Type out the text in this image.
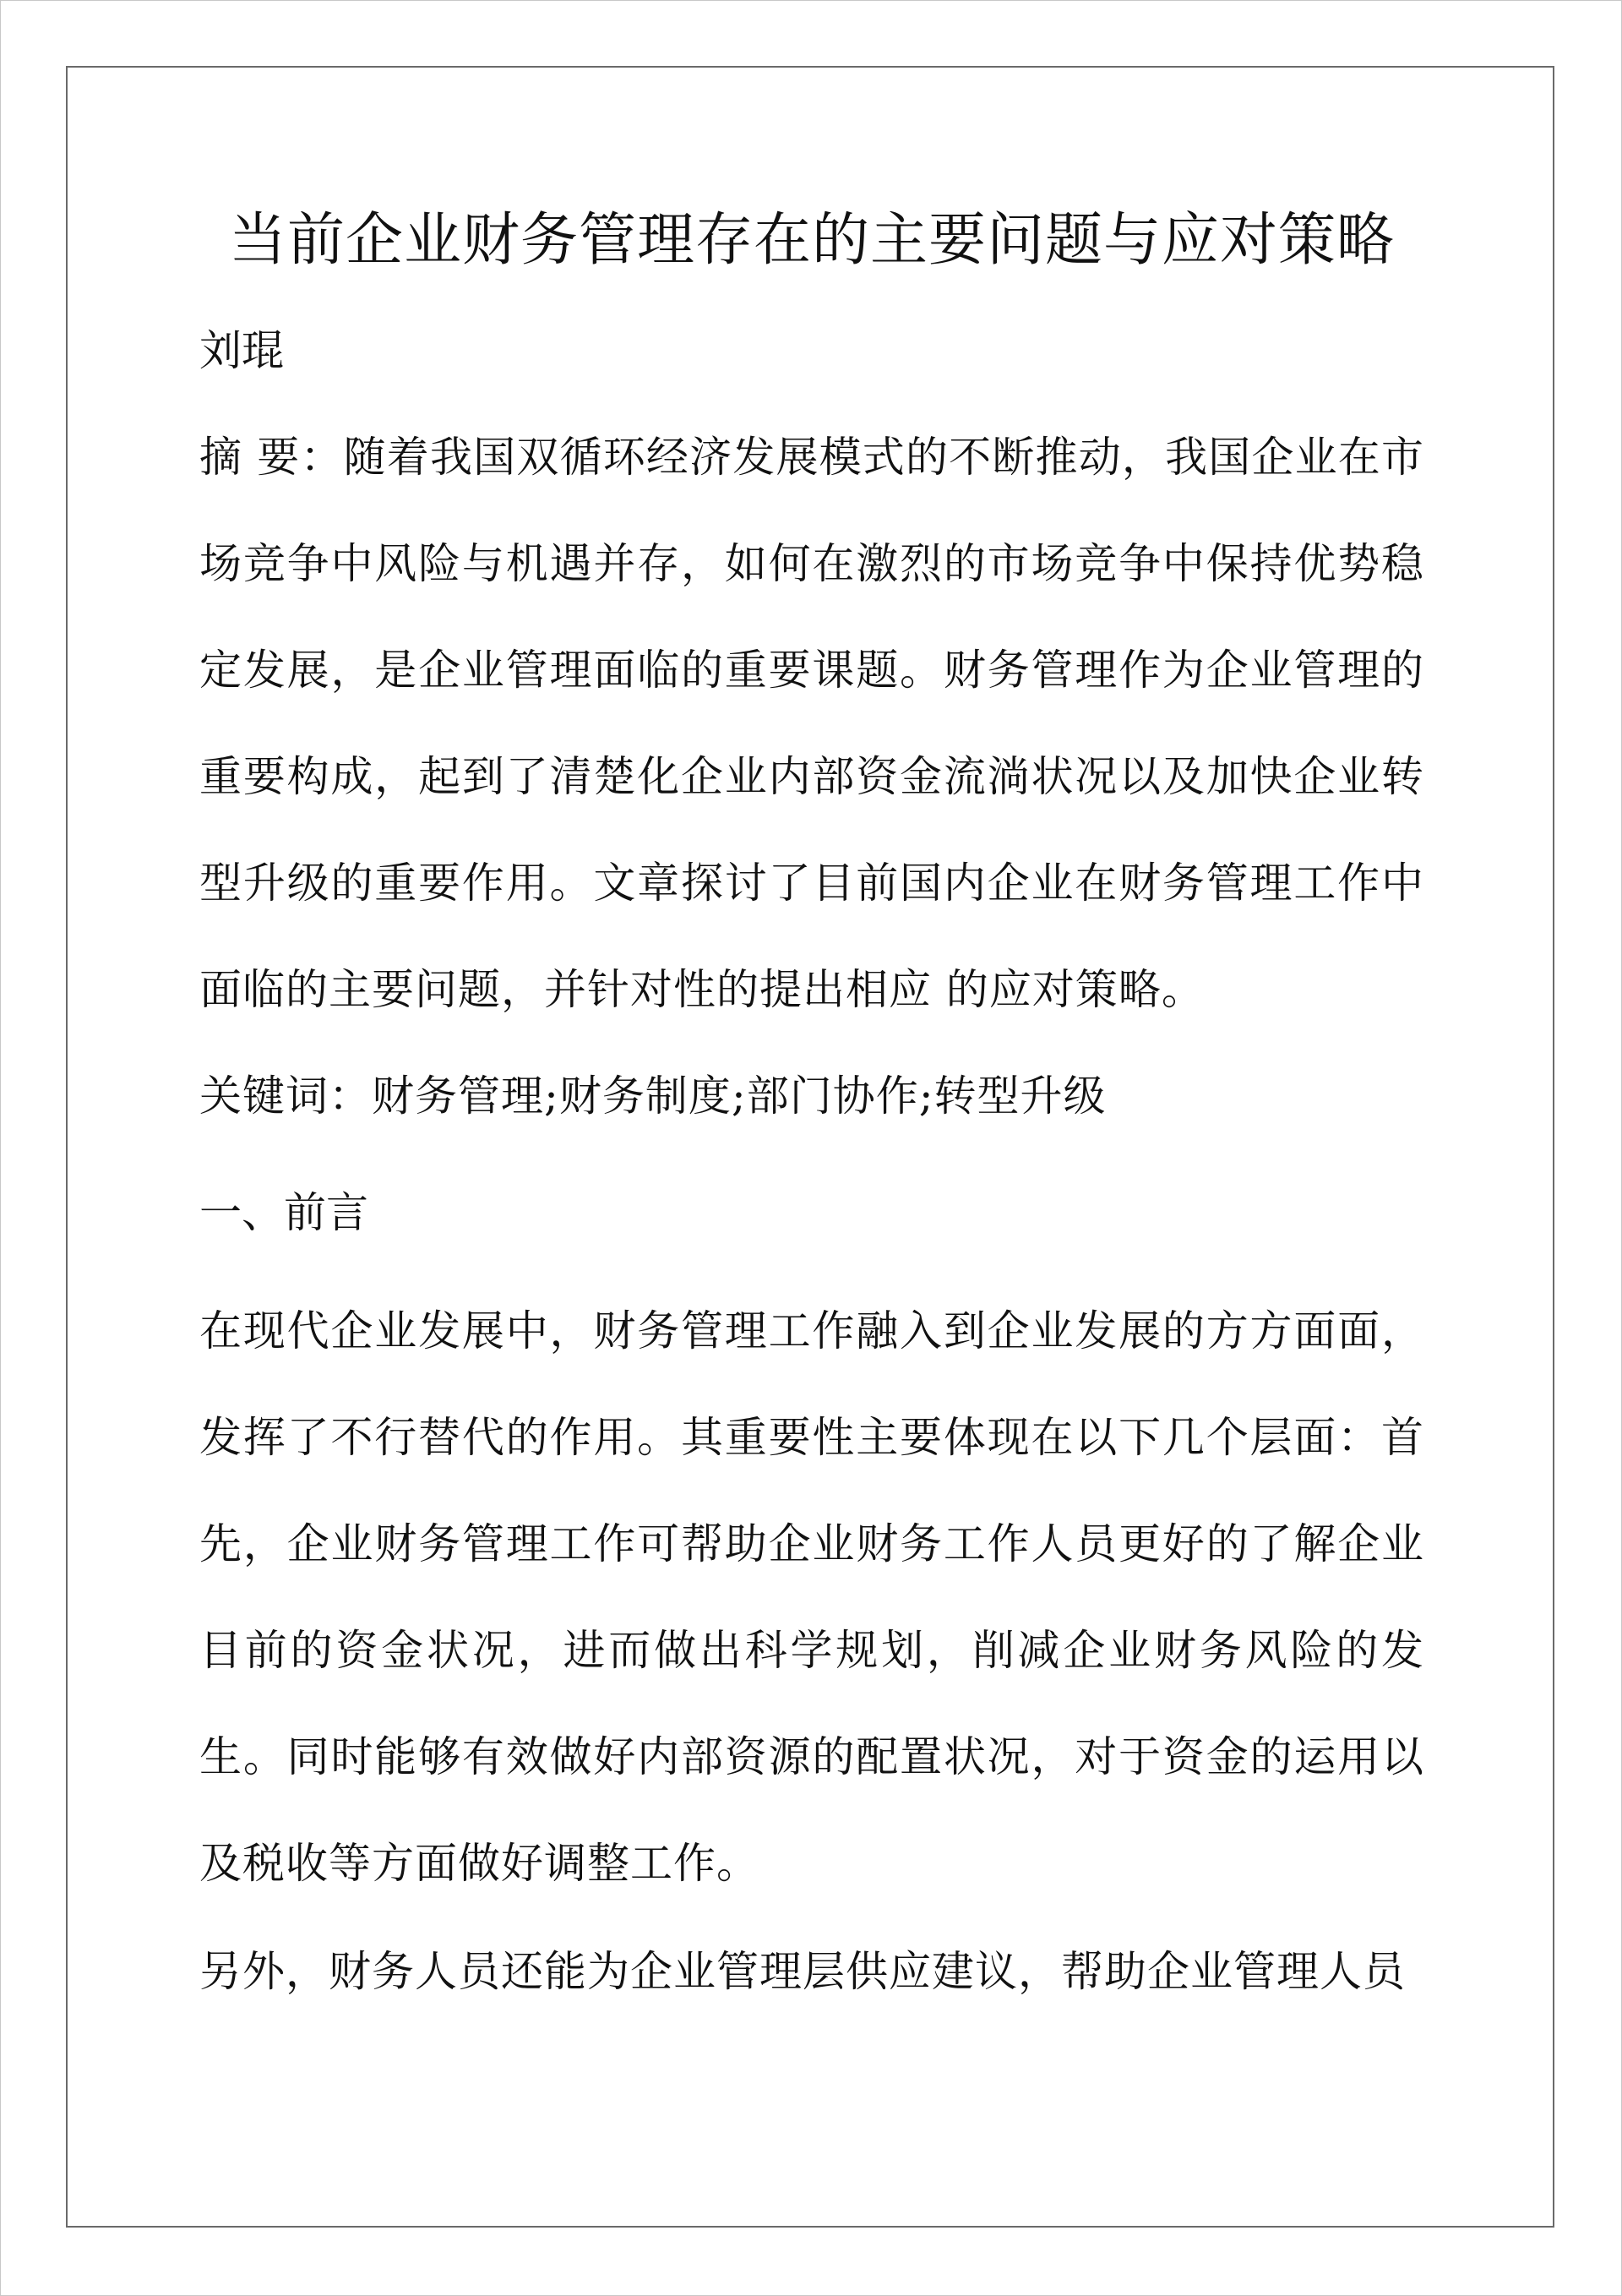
当前企业财务管理存在的主要问题与应对策略
刘琨

摘 要：随着我国双循环经济发展模式的不断推动，我国企业在市场竞争中风险与机遇并存，如何在激烈的市场竞争中保持优势稳定发展，是企业管理面临的重要课题。财务管理作为企业管理的重要构成，起到了清楚化企业内部资金流淌状况以及加快企业转型升级的重要作用。文章探讨了目前国内企业在财务管理工作中面临的主要问题，并针对性的提出相应 的应对策略。

关键词：财务管理;财务制度;部门协作;转型升级
一、前言

在现代企业发展中，财务管理工作融入到企业发展的方方面面，发挥了不行替代的作用。其重要性主要体现在以下几个层面：首先，企业财务管理工作可帮助企业财务工作人员更好的了解企业目前的资金状况，进而做出科学规划，削减企业财务风险的发生。同时能够有效做好内部资源的配置状况，对于资金的运用以及税收等方面做好调整工作。

另外，财务人员还能为企业管理层供应建议，帮助企业管理人员
